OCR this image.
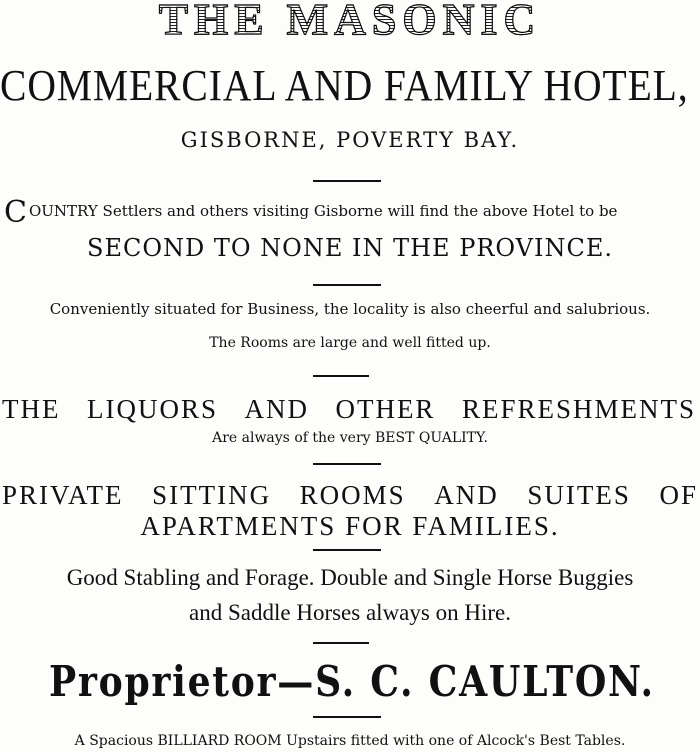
THE MASONIC
COMMERCIAL AND FAMILY HOTEL,
GISBORNE, POVERTY BAY.
COUNTRY Settlers and others visiting Gisborne will find the above Hotel to be
SECOND TO NONE IN THE PROVINCE.
Conveniently situated for Business, the locality is also cheerful and salubrious.
The Rooms are large and well fitted up.
THE LIQUORS AND OTHER REFRESHMENTS
Are always of the very BEST QUALITY.
PRIVATE SITTING ROOMS AND SUITES OF
APARTMENTS FOR FAMILIES.
Good Stabling and Forage. Double and Single Horse Buggies
and Saddle Horses always on Hire.
Proprietor—S. C. CAULTON.
A Spacious BILLIARD ROOM Upstairs fitted with one of Alcock's Best Tables.
